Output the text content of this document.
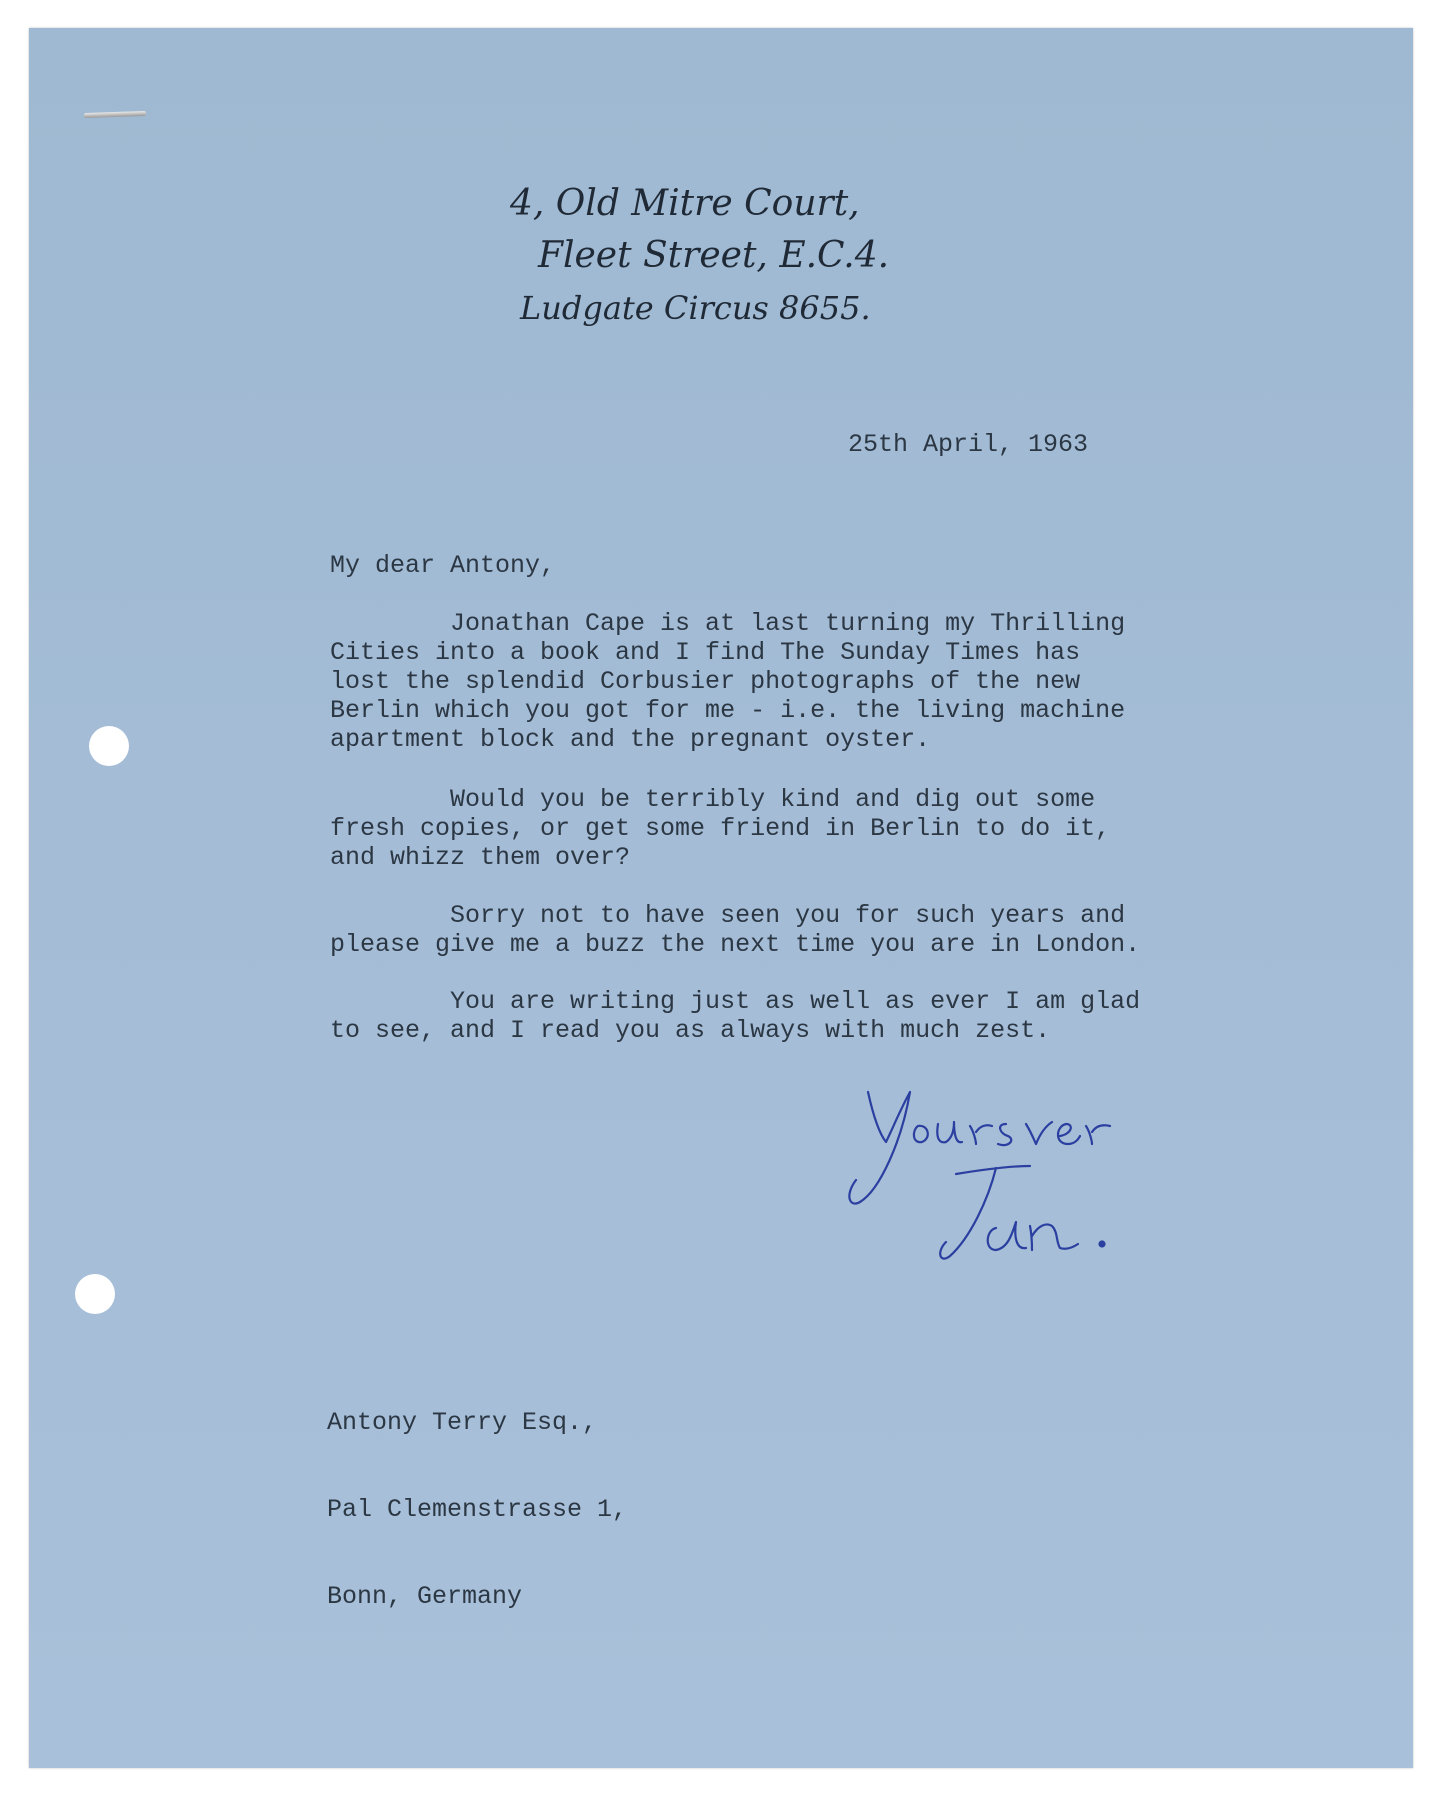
4, Old Mitre Court,
Fleet Street, E.C.4.
Ludgate Circus 8655.
25th April, 1963
My dear Antony,
Jonathan Cape is at last turning my Thrilling
Cities into a book and I find The Sunday Times has
lost the splendid Corbusier photographs of the new
Berlin which you got for me - i.e. the living machine
apartment block and the pregnant oyster.
Would you be terribly kind and dig out some
fresh copies, or get some friend in Berlin to do it,
and whizz them over?
Sorry not to have seen you for such years and
please give me a buzz the next time you are in London.
You are writing just as well as ever I am glad
to see, and I read you as always with much zest.

Antony Terry Esq.,

Pal Clemenstrasse 1,

Bonn, Germany
